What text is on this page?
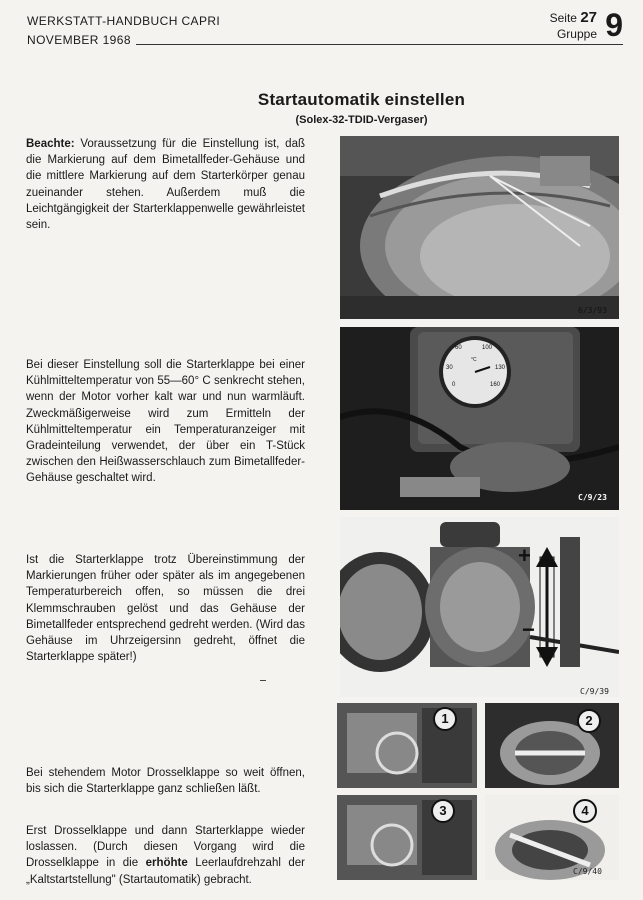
WERKSTATT-HANDBUCH CAPRI
NOVEMBER 1968
Seite 27
Gruppe 9
Startautomatik einstellen
(Solex-32-TDID-Vergaser)
Beachte: Voraussetzung für die Einstellung ist, daß die Markierung auf dem Bimetallfeder-Gehäuse und die mittlere Markierung auf dem Starterkörper genau zueinander stehen. Außerdem muß die Leichtgängigkeit der Starterklappenwelle gewährleistet sein.
Bei dieser Einstellung soll die Starterklappe bei einer Kühlmitteltemperatur von 55—60° C senkrecht stehen, wenn der Motor vorher kalt war und nun warmläuft. Zweckmäßigerweise wird zum Ermitteln der Kühlmitteltemperatur ein Temperaturanzeiger mit Gradeinteilung verwendet, der über ein T-Stück zwischen den Heißwasserschlauch zum Bimetallfeder-Gehäuse geschaltet wird.
Ist die Starterklappe trotz Übereinstimmung der Markierungen früher oder später als im angegebenen Temperaturbereich offen, so müssen die drei Klemmschrauben gelöst und das Gehäuse der Bimetallfeder entsprechend gedreht werden. (Wird das Gehäuse im Uhrzeigersinn gedreht, öffnet die Starterklappe später!)
Bei stehendem Motor Drosselklappe so weit öffnen, bis sich die Starterklappe ganz schließen läßt.
Erst Drosselklappe und dann Starterklappe wieder loslassen. (Durch diesen Vorgang wird die Drosselklappe in die erhöhte Leerlaufdrehzahl der „Kaltstartstellung" (Startautomatik) gebracht.
6/3/93
60	100
30	130
0	160
°C
C/9/23
+
−
C/9/39
1	2
3	4
C/9/40
